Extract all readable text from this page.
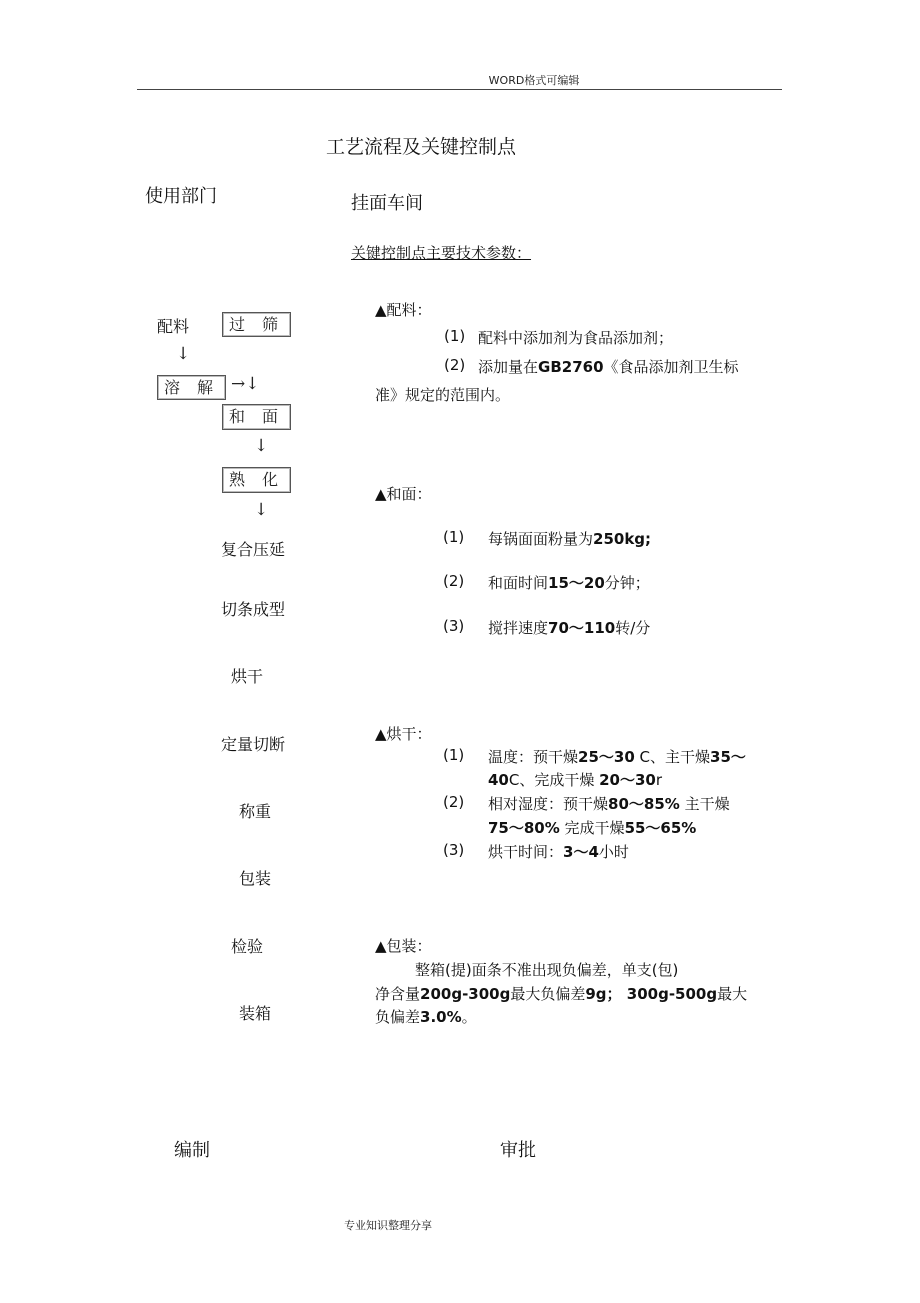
WORD格式可编辑
工艺流程及关键控制点
使用部门	挂面车间
关键控制点主要技术参数：
配料	过 筛
↓
溶 解 →↓
和 面
↓
熟 化
↓
复合压延
切条成型
烘干
定量切断
称重
包装
检验
装箱
▲配料：
(1) 配料中添加剂为食品添加剂；
(2) 添加量在GB2760《食品添加剂卫生标
准》规定的范围内。
▲和面：
(1) 每锅面面粉量为250kg;
(2) 和面时间15～20分钟；
(3) 搅拌速度70～110转/分
▲烘干：
(1) 温度：预干燥25～30 C、主干燥35～
40C、完成干燥 20～30r
(2) 相对湿度：预干燥80～85% 主干燥
75～80% 完成干燥55～65%
(3) 烘干时间：3～4小时
▲包装：
整箱(提)面条不准出现负偏差，单支(包)
净含量200g-300g最大负偏差9g； 300g-500g最大
负偏差3.0%。
编制	审批
专业知识整理分享
